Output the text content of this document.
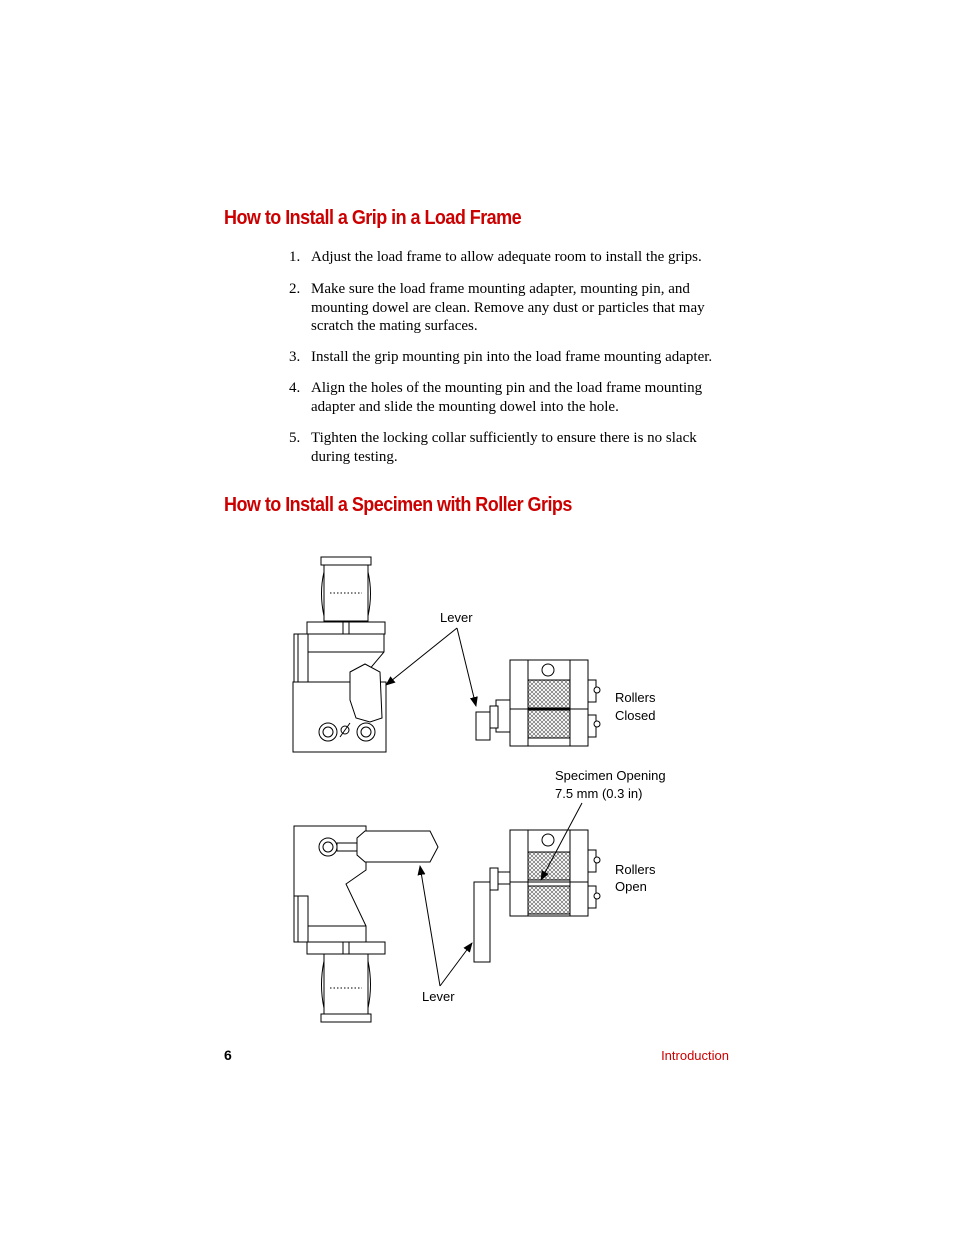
How to Install a Grip in a Load Frame
1. Adjust the load frame to allow adequate room to install the grips.
2. Make sure the load frame mounting adapter, mounting pin, and mounting dowel are clean. Remove any dust or particles that may scratch the mating surfaces.
3. Install the grip mounting pin into the load frame mounting adapter.
4. Align the holes of the mounting pin and the load frame mounting adapter and slide the mounting dowel into the hole.
5. Tighten the locking collar sufficiently to ensure there is no slack during testing.
How to Install a Specimen with Roller Grips
Lever
Rollers
Closed
Specimen Opening
7.5 mm (0.3 in)
Rollers
Open
Lever
6	Introduction
